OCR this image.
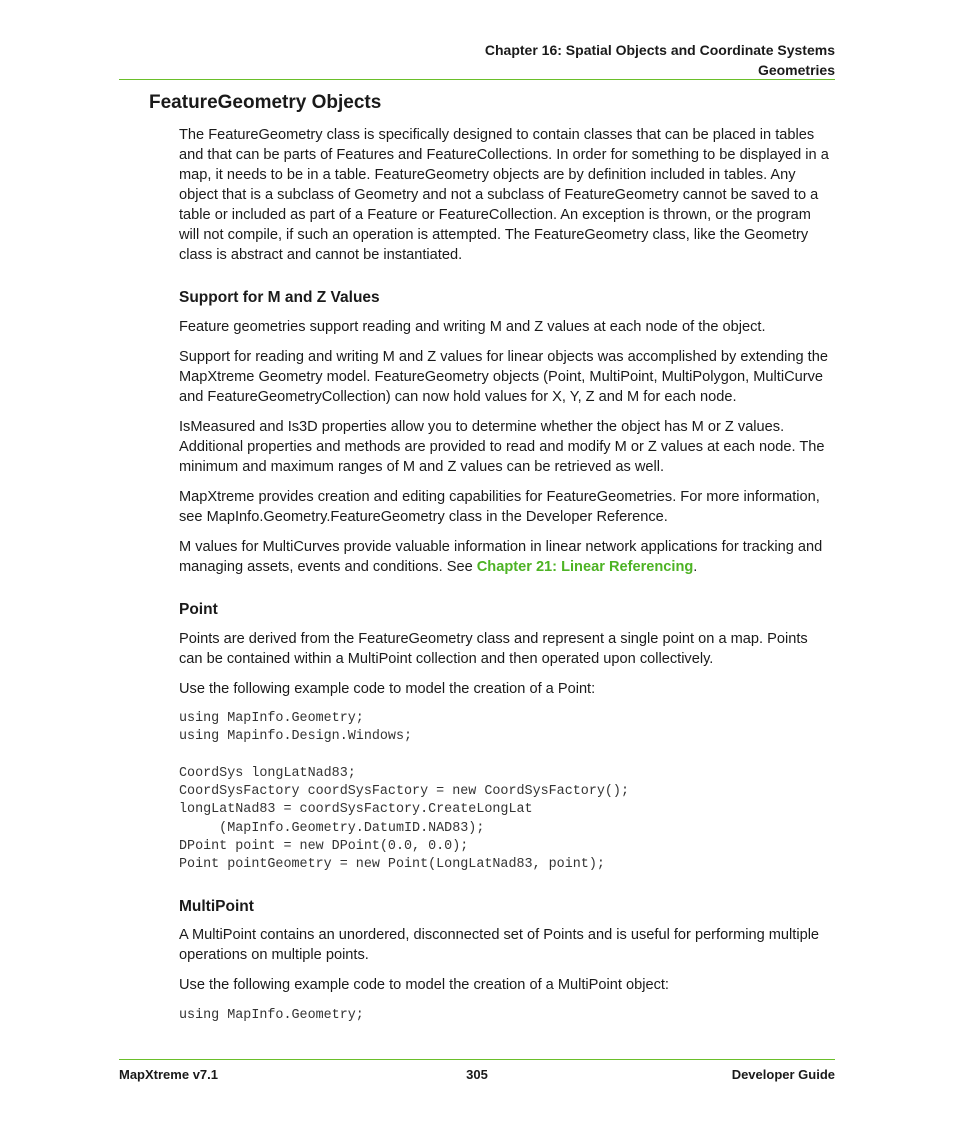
Chapter 16: Spatial Objects and Coordinate Systems
Geometries
FeatureGeometry Objects

The FeatureGeometry class is specifically designed to contain classes that can be placed in tables and that can be parts of Features and FeatureCollections. In order for something to be displayed in a map, it needs to be in a table. FeatureGeometry objects are by definition included in tables. Any object that is a subclass of Geometry and not a subclass of FeatureGeometry cannot be saved to a table or included as part of a Feature or FeatureCollection. An exception is thrown, or the program will not compile, if such an operation is attempted. The FeatureGeometry class, like the Geometry class is abstract and cannot be instantiated.

Support for M and Z Values

Feature geometries support reading and writing M and Z values at each node of the object.

Support for reading and writing M and Z values for linear objects was accomplished by extending the MapXtreme Geometry model. FeatureGeometry objects (Point, MultiPoint, MultiPolygon, MultiCurve and FeatureGeometryCollection) can now hold values for X, Y, Z and M for each node.

IsMeasured and Is3D properties allow you to determine whether the object has M or Z values. Additional properties and methods are provided to read and modify M or Z values at each node. The minimum and maximum ranges of M and Z values can be retrieved as well.

MapXtreme provides creation and editing capabilities for FeatureGeometries. For more information, see MapInfo.Geometry.FeatureGeometry class in the Developer Reference.

M values for MultiCurves provide valuable information in linear network applications for tracking and managing assets, events and conditions. See Chapter 21: Linear Referencing.

Point

Points are derived from the FeatureGeometry class and represent a single point on a map. Points can be contained within a MultiPoint collection and then operated upon collectively.

Use the following example code to model the creation of a Point:

using MapInfo.Geometry;
using Mapinfo.Design.Windows;

CoordSys longLatNad83;
CoordSysFactory coordSysFactory = new CoordSysFactory();
longLatNad83 = coordSysFactory.CreateLongLat
(MapInfo.Geometry.DatumID.NAD83);
DPoint point = new DPoint(0.0, 0.0);
Point pointGeometry = new Point(LongLatNad83, point);
MultiPoint

A MultiPoint contains an unordered, disconnected set of Points and is useful for performing multiple operations on multiple points.

Use the following example code to model the creation of a MultiPoint object:

using MapInfo.Geometry;
MapXtreme v7.1	305	Developer Guide
